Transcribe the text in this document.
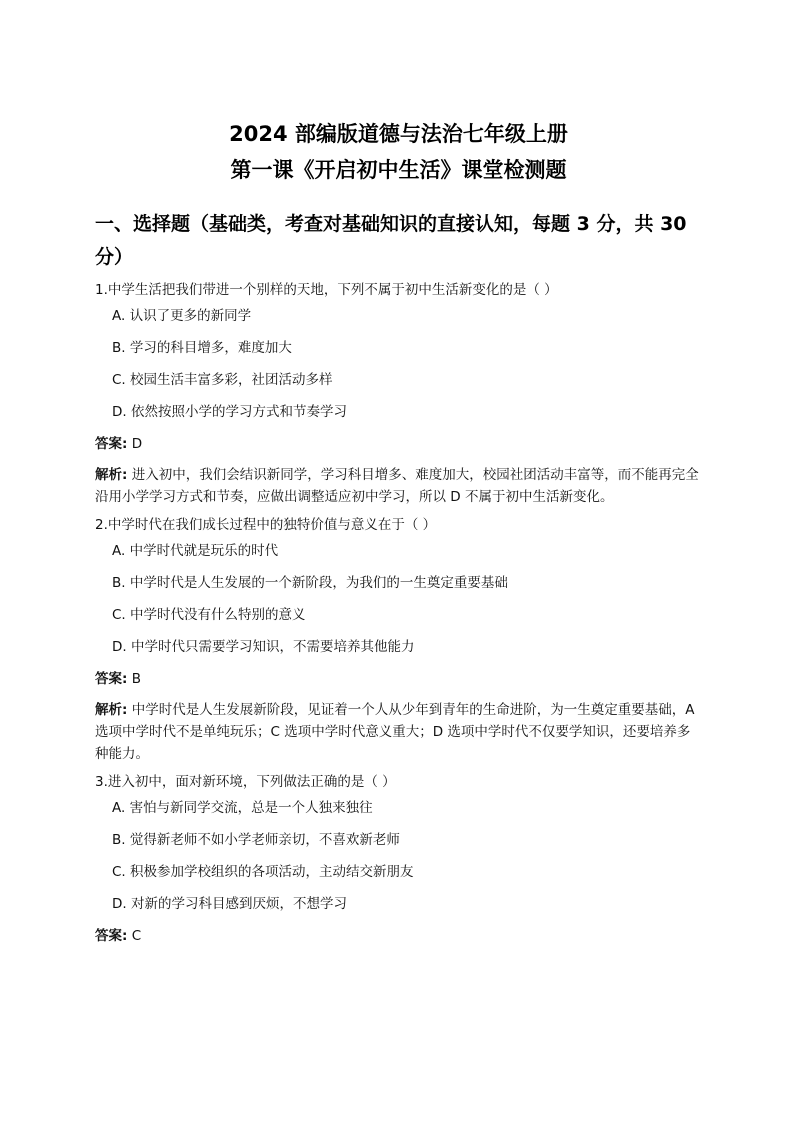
2024 部编版道德与法治七年级上册
第一课《开启初中生活》课堂检测题
一、选择题（基础类，考查对基础知识的直接认知，每题 3 分，共 30 分）

1.中学生活把我们带进一个别样的天地，下列不属于初中生活新变化的是（ ）

A. 认识了更多的新同学

B. 学习的科目增多，难度加大

C. 校园生活丰富多彩，社团活动多样

D. 依然按照小学的学习方式和节奏学习

答案: D

解析: 进入初中，我们会结识新同学，学习科目增多、难度加大，校园社团活动丰富等，而不能再完全沿用小学学习方式和节奏，应做出调整适应初中学习，所以 D 不属于初中生活新变化。

2.中学时代在我们成长过程中的独特价值与意义在于（ ）

A. 中学时代就是玩乐的时代

B. 中学时代是人生发展的一个新阶段，为我们的一生奠定重要基础

C. 中学时代没有什么特别的意义

D. 中学时代只需要学习知识，不需要培养其他能力

答案: B

解析: 中学时代是人生发展新阶段，见证着一个人从少年到青年的生命进阶，为一生奠定重要基础，A 选项中学时代不是单纯玩乐；C 选项中学时代意义重大；D 选项中学时代不仅要学知识，还要培养多种能力。

3.进入初中，面对新环境，下列做法正确的是（ ）

A. 害怕与新同学交流，总是一个人独来独往

B. 觉得新老师不如小学老师亲切，不喜欢新老师

C. 积极参加学校组织的各项活动，主动结交新朋友

D. 对新的学习科目感到厌烦，不想学习

答案: C
